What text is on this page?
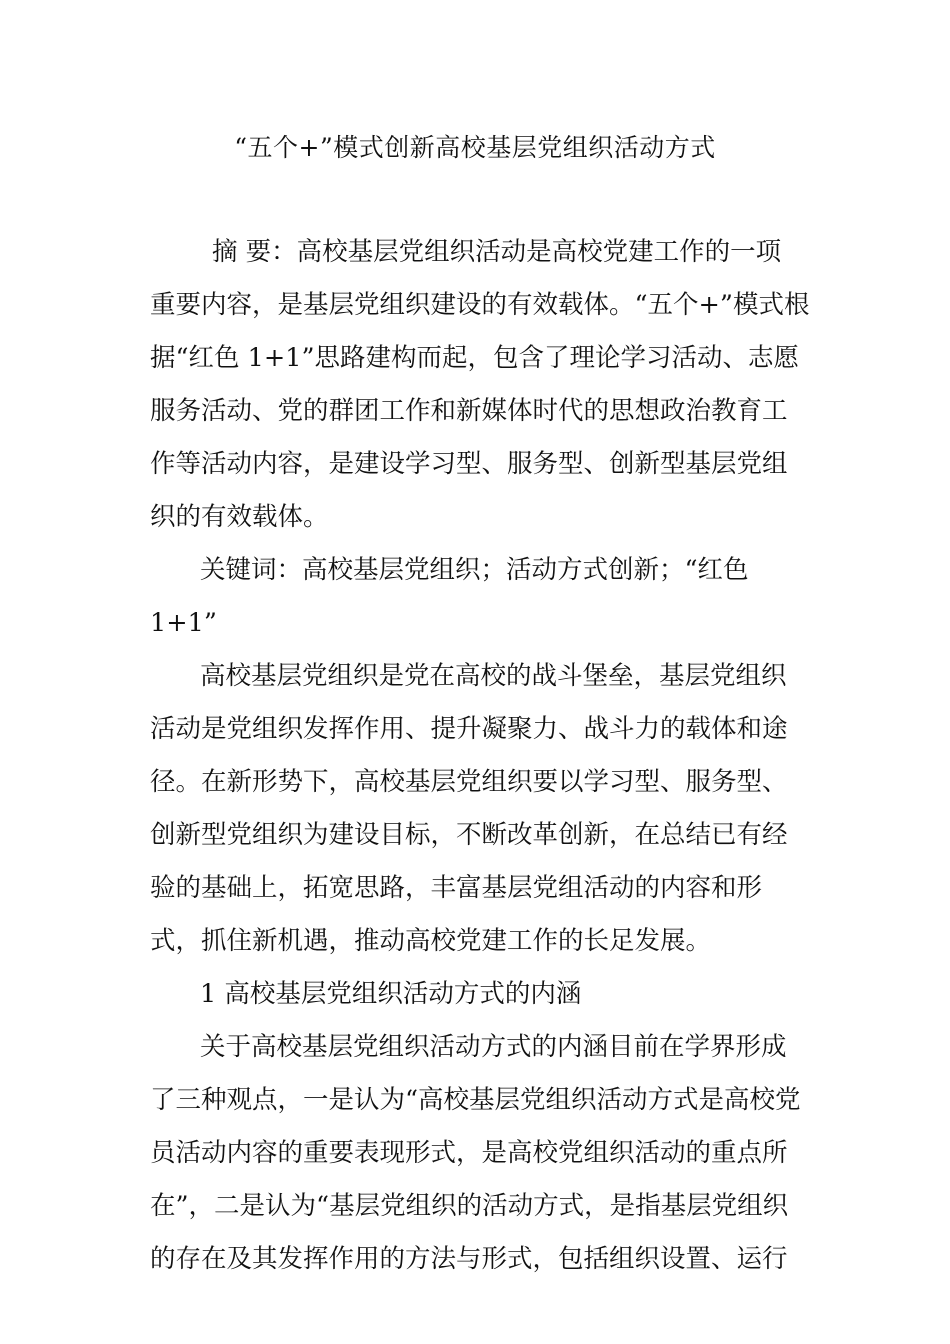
“五个+”模式创新高校基层党组织活动方式
摘 要：高校基层党组织活动是高校党建工作的一项
重要内容，是基层党组织建设的有效载体。“五个+”模式根
据“红色 1+1”思路建构而起，包含了理论学习活动、志愿
服务活动、党的群团工作和新媒体时代的思想政治教育工
作等活动内容，是建设学习型、服务型、创新型基层党组
织的有效载体。
关键词：高校基层党组织；活动方式创新；“红色
1+1”
高校基层党组织是党在高校的战斗堡垒，基层党组织
活动是党组织发挥作用、提升凝聚力、战斗力的载体和途
径。在新形势下，高校基层党组织要以学习型、服务型、
创新型党组织为建设目标，不断改革创新，在总结已有经
验的基础上，拓宽思路，丰富基层党组活动的内容和形
式，抓住新机遇，推动高校党建工作的长足发展。
1 高校基层党组织活动方式的内涵
关于高校基层党组织活动方式的内涵目前在学界形成
了三种观点，一是认为“高校基层党组织活动方式是高校党
员活动内容的重要表现形式，是高校党组织活动的重点所
在”，二是认为“基层党组织的活动方式，是指基层党组织
的存在及其发挥作用的方法与形式，包括组织设置、运行
